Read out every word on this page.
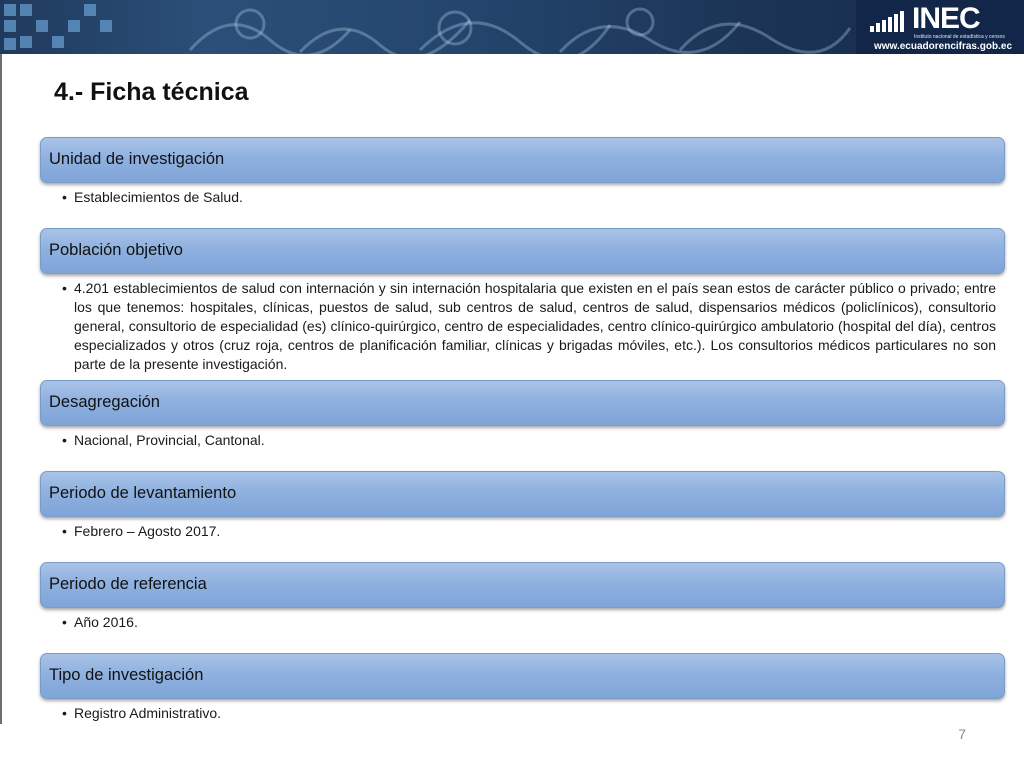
INEC
Instituto nacional de estadística y censos
www.ecuadorencifras.gob.ec
4.- Ficha técnica
Unidad de investigación
• Establecimientos de Salud.
Población objetivo
• 4.201 establecimientos de salud con internación y sin internación hospitalaria que existen en el país sean estos de carácter público o privado; entre los que tenemos: hospitales, clínicas, puestos de salud, sub centros de salud, centros de salud, dispensarios médicos (policlínicos), consultorio general, consultorio de especialidad (es) clínico-quirúrgico, centro de especialidades, centro clínico-quirúrgico ambulatorio (hospital del día), centros especializados y otros (cruz roja, centros de planificación familiar, clínicas y brigadas móviles, etc.). Los consultorios médicos particulares no son parte de la presente investigación.
Desagregación
• Nacional, Provincial, Cantonal.
Periodo de levantamiento
• Febrero – Agosto 2017.
Periodo de referencia
• Año 2016.
Tipo de investigación
• Registro Administrativo.
7
